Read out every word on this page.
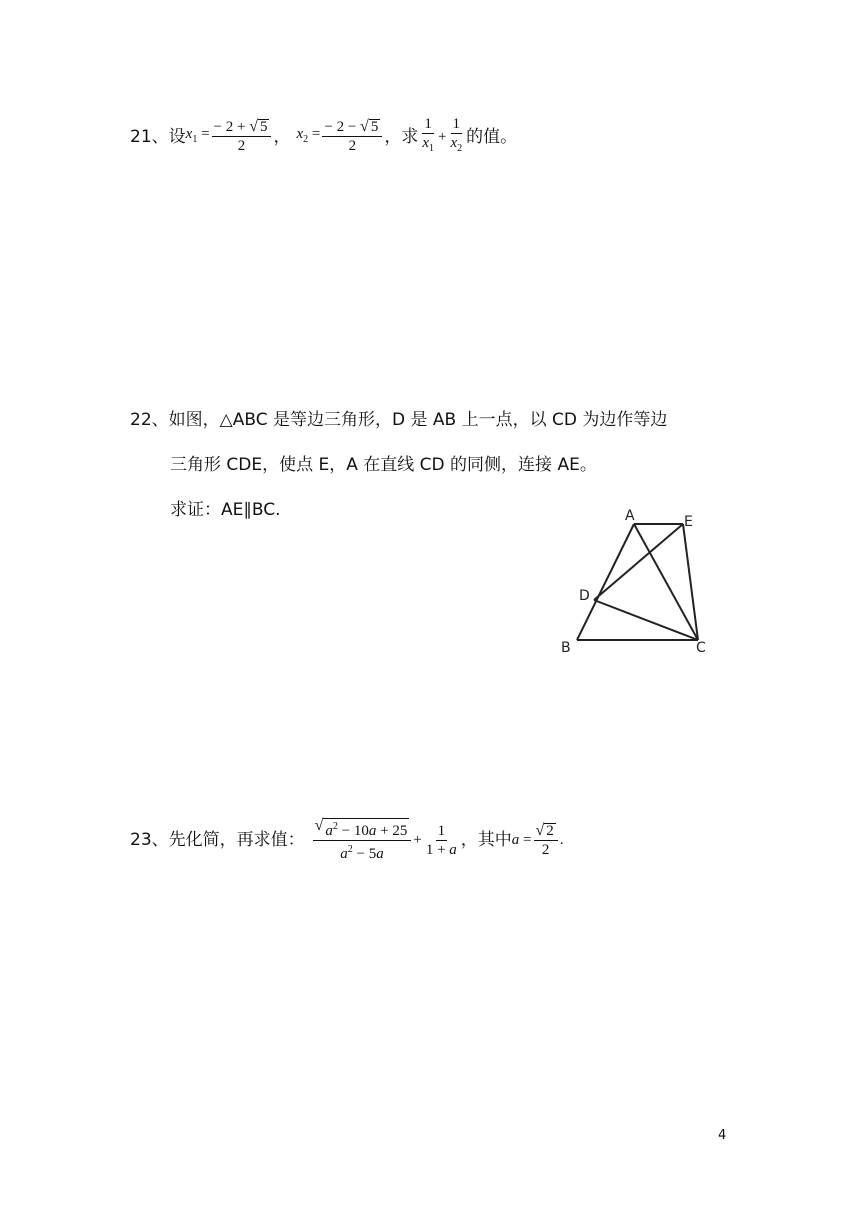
21、 设 $x_1 = \frac{- 2 + √ 5}{2}$ ， $x_2 = \frac{- 2 - √ 5}{2}$ ，求 $\frac{1}{x_1} + \frac{1}{x_2}$ 的值。
22、如图，△ABC 是等边三角形，D 是 AB 上一点，以 CD 为边作等边
三角形 CDE，使点 E，A 在直线 CD 的同侧，连接 AE。
求证：AE∥BC.	A	E
D
B	C
23、 先化简，再求值： $\frac{√ a^2 - 10a + 25}{a^2 - 5a} + \frac{1}{1 + a}$ ，其中 $a = \frac{√ 2}{2}$ .
4
